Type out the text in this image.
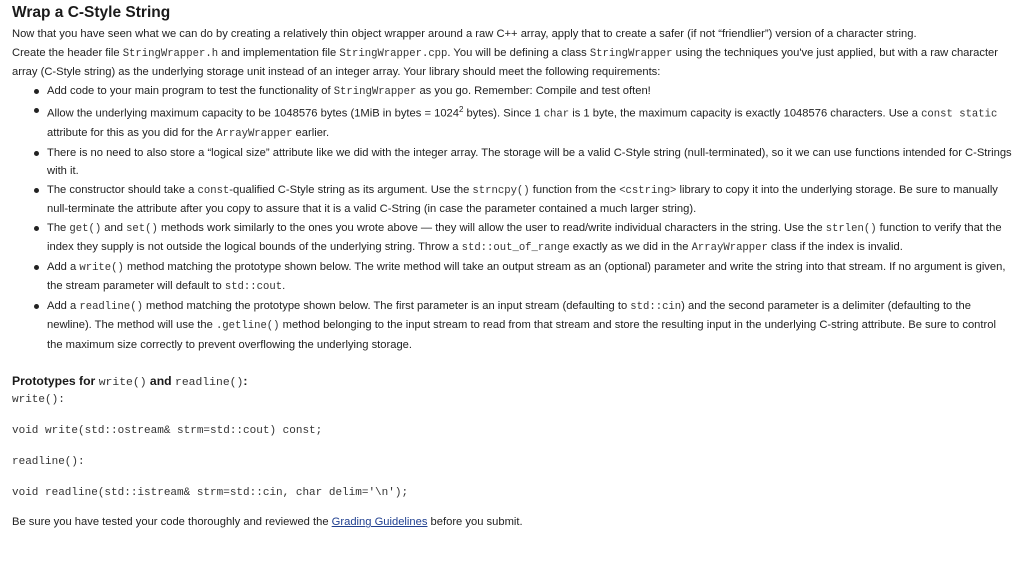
Wrap a C-Style String

Now that you have seen what we can do by creating a relatively thin object wrapper around a raw C++ array, apply that to create a safer (if not “friendlier”) version of a character string.

Create the header file StringWrapper.h and implementation file StringWrapper.cpp. You will be defining a class StringWrapper using the techniques you've just applied, but with a raw character array (C-Style string) as the underlying storage unit instead of an integer array. Your library should meet the following requirements:

Add code to your main program to test the functionality of StringWrapper as you go. Remember: Compile and test often!
Allow the underlying maximum capacity to be 1048576 bytes (1MiB in bytes = $1024^2$ bytes). Since 1 char is 1 byte, the maximum capacity is exactly 1048576 characters. Use a const static attribute for this as you did for the ArrayWrapper earlier.
There is no need to also store a “logical size” attribute like we did with the integer array. The storage will be a valid C-Style string (null-terminated), so it we can use functions intended for C-Strings with it.
The constructor should take a const-qualified C-Style string as its argument. Use the strncpy() function from the <cstring> library to copy it into the underlying storage. Be sure to manually null-terminate the attribute after you copy to assure that it is a valid C-String (in case the parameter contained a much larger string).
The get() and set() methods work similarly to the ones you wrote above — they will allow the user to read/write individual characters in the string. Use the strlen() function to verify that the index they supply is not outside the logical bounds of the underlying string. Throw a std::out_of_range exactly as we did in the ArrayWrapper class if the index is invalid.
Add a write() method matching the prototype shown below. The write method will take an output stream as an (optional) parameter and write the string into that stream. If no argument is given, the stream parameter will default to std::cout.
Add a readline() method matching the prototype shown below. The first parameter is an input stream (defaulting to std::cin) and the second parameter is a delimiter (defaulting to the newline). The method will use the .getline() method belonging to the input stream to read from that stream and store the resulting input in the underlying C-string attribute. Be sure to control the maximum size correctly to prevent overflowing the underlying storage.
Prototypes for write() and readline():
write():
void write(std::ostream& strm=std::cout) const;
readline():
void readline(std::istream& strm=std::cin, char delim='\n');
Be sure you have tested your code thoroughly and reviewed the Grading Guidelines before you submit.
